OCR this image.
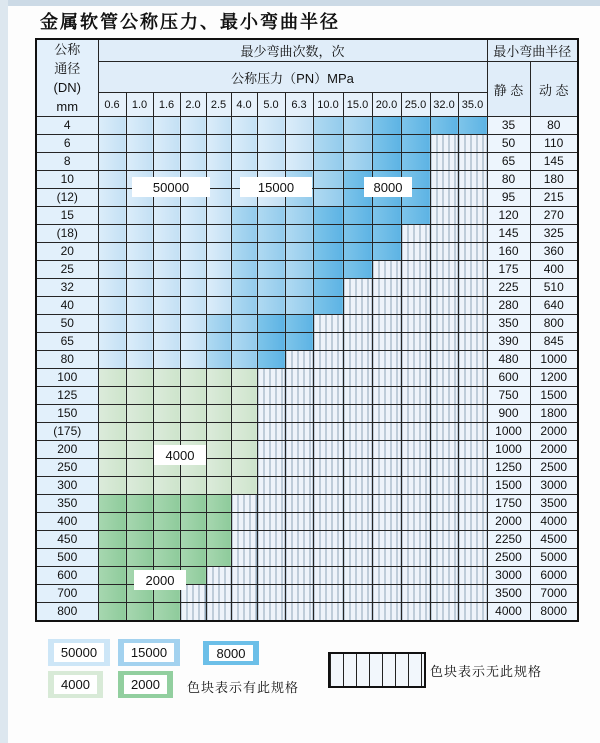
金属软管公称压力、最小弯曲半径
公称
通径
(DN)
mm	最少弯曲次数，次														最小弯曲半径	
	公称压力（PN）MPa														静 态	动 态
	0.6	1.0	1.6	2.0	2.5	4.0	5.0	6.3	10.0	15.0	20.0	25.0	32.0	35.0		
4															35	80
6															50	110
8															65	145
10															80	180
(12)															95	215
15															120	270
(18)															145	325
20															160	360
25															175	400
32															225	510
40															280	640
50															350	800
65															390	845
80															480	1000
100															600	1200
125															750	1500
150															900	1800
(175)															1000	2000
200															1000	2000
250															1250	2500
300															1500	3000
350															1750	3500
400															2000	4000
450															2250	4500
500															2500	5000
600															3000	6000
700															3500	7000
800															4000	8000
50000	15000	8000
4000
2000
50000	15000	8000
4000	2000	色块表示有此规格
色块表示无此规格
